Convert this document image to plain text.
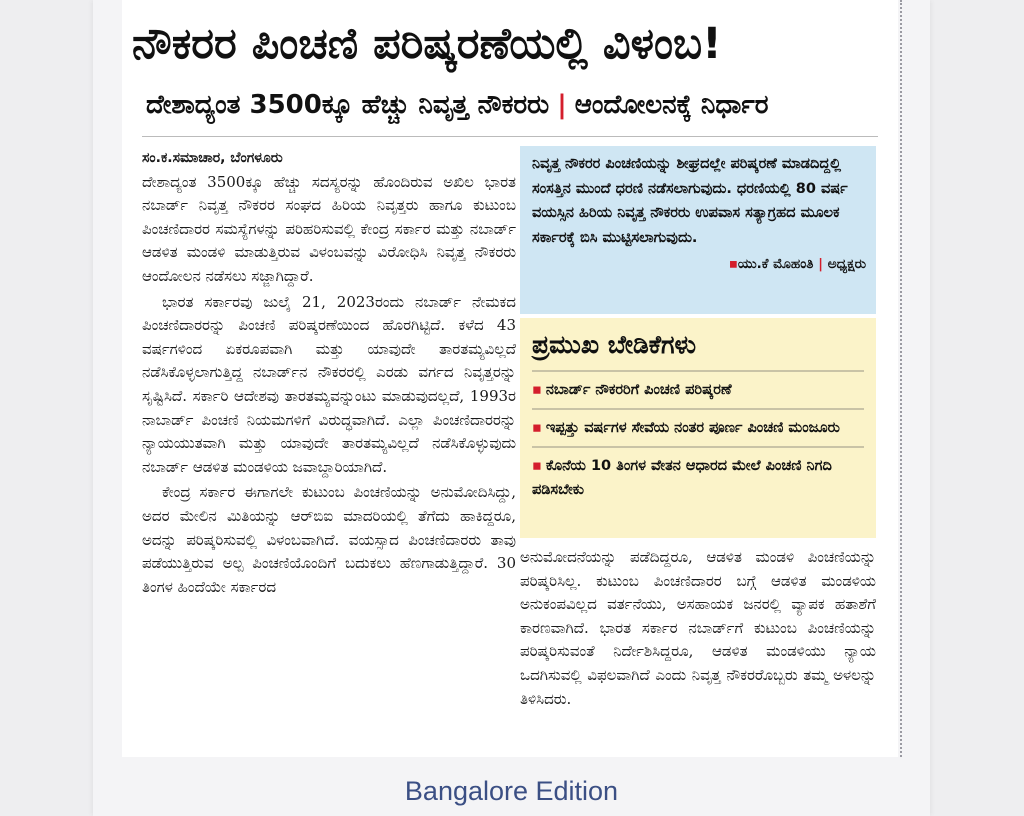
ನೌಕರರ ಪಿಂಚಣಿ ಪರಿಷ್ಕರಣೆಯಲ್ಲಿ ವಿಳಂಬ!
ದೇಶಾದ್ಯಂತ 3500ಕ್ಕೂ ಹೆಚ್ಚು ನಿವೃತ್ತ ನೌಕರರು | ಆಂದೋಲನಕ್ಕೆ ನಿರ್ಧಾರ

ಸಂ.ಕ.ಸಮಾಚಾರ, ಬೆಂಗಳೂರು

ದೇಶಾದ್ಯಂತ 3500ಕ್ಕೂ ಹೆಚ್ಚು ಸದಸ್ಯರನ್ನು ಹೊಂದಿರುವ ಅಖಿಲ ಭಾರತ ನಬಾರ್ಡ್ ನಿವೃತ್ತ ನೌಕರರ ಸಂಘದ ಹಿರಿಯ ನಿವೃತ್ತರು ಹಾಗೂ ಕುಟುಂಬ ಪಿಂಚಣಿದಾರರ ಸಮಸ್ಯೆಗಳನ್ನು ಪರಿಹರಿಸುವಲ್ಲಿ ಕೇಂದ್ರ ಸರ್ಕಾರ ಮತ್ತು ನಬಾರ್ಡ್ ಆಡಳಿತ ಮಂಡಳಿ ಮಾಡುತ್ತಿರುವ ವಿಳಂಬವನ್ನು ವಿರೋಧಿಸಿ ನಿವೃತ್ತ ನೌಕರರು ಆಂದೋಲನ ನಡೆಸಲು ಸಜ್ಜಾಗಿದ್ದಾರೆ.

ಭಾರತ ಸರ್ಕಾರವು ಜುಲೈ 21, 2023ರಂದು ನಬಾರ್ಡ್ ನೇಮಕದ ಪಿಂಚಣಿದಾರರನ್ನು ಪಿಂಚಣಿ ಪರಿಷ್ಕರಣೆಯಿಂದ ಹೊರಗಿಟ್ಟಿದೆ. ಕಳೆದ 43 ವರ್ಷಗಳಿಂದ ಏಕರೂಪವಾಗಿ ಮತ್ತು ಯಾವುದೇ ತಾರತಮ್ಯವಿಲ್ಲದೆ ನಡೆಸಿಕೊಳ್ಳಲಾಗುತ್ತಿದ್ದ ನಬಾರ್ಡ್‌ನ ನೌಕರರಲ್ಲಿ ಎರಡು ವರ್ಗದ ನಿವೃತ್ತರನ್ನು ಸೃಷ್ಟಿಸಿದೆ. ಸರ್ಕಾರಿ ಆದೇಶವು ತಾರತಮ್ಯವನ್ನುಂಟು ಮಾಡುವುದಲ್ಲದೆ, 1993ರ ನಾಬಾರ್ಡ್ ಪಿಂಚಣಿ ನಿಯಮಗಳಿಗೆ ವಿರುದ್ಧವಾಗಿದೆ. ಎಲ್ಲಾ ಪಿಂಚಣಿದಾರರನ್ನು ನ್ಯಾಯಯುತವಾಗಿ ಮತ್ತು ಯಾವುದೇ ತಾರತಮ್ಯವಿಲ್ಲದೆ ನಡೆಸಿಕೊಳ್ಳುವುದು ನಬಾರ್ಡ್ ಆಡಳಿತ ಮಂಡಳಿಯ ಜವಾಬ್ದಾರಿಯಾಗಿದೆ.

ಕೇಂದ್ರ ಸರ್ಕಾರ ಈಗಾಗಲೇ ಕುಟುಂಬ ಪಿಂಚಣಿಯನ್ನು ಅನುಮೋದಿಸಿದ್ದು, ಅದರ ಮೇಲಿನ ಮಿತಿಯನ್ನು ಆರ್‌ಬಿಐ ಮಾದರಿಯಲ್ಲಿ ತೆಗೆದು ಹಾಕಿದ್ದರೂ, ಅದನ್ನು ಪರಿಷ್ಕರಿಸುವಲ್ಲಿ ವಿಳಂಬವಾಗಿದೆ. ವಯಸ್ಸಾದ ಪಿಂಚಣಿದಾರರು ತಾವು ಪಡೆಯುತ್ತಿರುವ ಅಲ್ಪ ಪಿಂಚಣಿಯೊಂದಿಗೆ ಬದುಕಲು ಹೆಣಗಾಡುತ್ತಿದ್ದಾರೆ. 30 ತಿಂಗಳ ಹಿಂದೆಯೇ ಸರ್ಕಾರದ

ನಿವೃತ್ತ ನೌಕರರ ಪಿಂಚಣಿಯನ್ನು ಶೀಘ್ರದಲ್ಲೇ ಪರಿಷ್ಕರಣೆ ಮಾಡದಿದ್ದಲ್ಲಿ ಸಂಸತ್ತಿನ ಮುಂದೆ ಧರಣಿ ನಡೆಸಲಾಗುವುದು. ಧರಣಿಯಲ್ಲಿ 80 ವರ್ಷ ವಯಸ್ಸಿನ ಹಿರಿಯ ನಿವೃತ್ತ ನೌಕರರು ಉಪವಾಸ ಸತ್ಯಾಗ್ರಹದ ಮೂಲಕ ಸರ್ಕಾರಕ್ಕೆ ಬಿಸಿ ಮುಟ್ಟಿಸಲಾಗುವುದು.
▪ಯು.ಕೆ ಮೊಹಂತಿ | ಅಧ್ಯಕ್ಷರು
ಪ್ರಮುಖ ಬೇಡಿಕೆಗಳು
▪ ನಬಾರ್ಡ್ ನೌಕರರಿಗೆ ಪಿಂಚಣಿ ಪರಿಷ್ಕರಣೆ
▪ ಇಪ್ಪತ್ತು ವರ್ಷಗಳ ಸೇವೆಯ ನಂತರ ಪೂರ್ಣ ಪಿಂಚಣಿ ಮಂಜೂರು
▪ ಕೊನೆಯ 10 ತಿಂಗಳ ವೇತನ ಆಧಾರದ ಮೇಲೆ ಪಿಂಚಣಿ ನಿಗದಿ ಪಡಿಸಬೇಕು

ಅನುಮೋದನೆಯನ್ನು ಪಡೆದಿದ್ದರೂ, ಆಡಳಿತ ಮಂಡಳಿ ಪಿಂಚಣಿಯನ್ನು ಪರಿಷ್ಕರಿಸಿಲ್ಲ. ಕುಟುಂಬ ಪಿಂಚಣಿದಾರರ ಬಗ್ಗೆ ಆಡಳಿತ ಮಂಡಳಿಯ ಅನುಕಂಪವಿಲ್ಲದ ವರ್ತನೆಯು, ಅಸಹಾಯಕ ಜನರಲ್ಲಿ ವ್ಯಾಪಕ ಹತಾಶೆಗೆ ಕಾರಣವಾಗಿದೆ. ಭಾರತ ಸರ್ಕಾರ ನಬಾರ್ಡ್‌ಗೆ ಕುಟುಂಬ ಪಿಂಚಣಿಯನ್ನು ಪರಿಷ್ಕರಿಸುವಂತೆ ನಿರ್ದೇಶಿಸಿದ್ದರೂ, ಆಡಳಿತ ಮಂಡಳಿಯು ನ್ಯಾಯ ಒದಗಿಸುವಲ್ಲಿ ವಿಫಲವಾಗಿದೆ ಎಂದು ನಿವೃತ್ತ ನೌಕರರೊಬ್ಬರು ತಮ್ಮ ಅಳಲನ್ನು ತಿಳಿಸಿದರು.

Bangalore Edition
